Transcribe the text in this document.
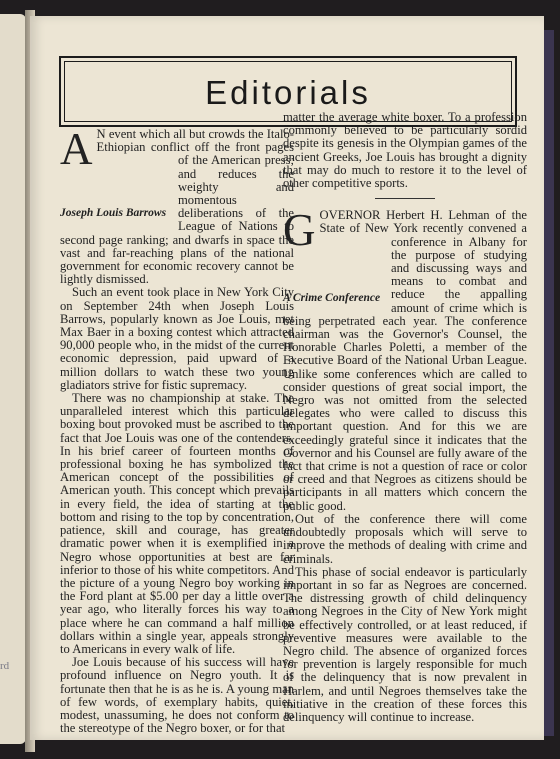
rd
Editorials

A
Joseph Louis Barrows
N event which all but crowds the Italo-Ethiopian conflict off the front pages of the American press; and reduces the weighty and momentous deliberations of the League of Nations to second page ranking; and dwarfs in space the vast and far-reaching plans of the national government for economic recovery cannot be lightly dismissed.

Such an event took place in New York City on September 24th when Joseph Louis Barrows, popularly known as Joe Louis, met Max Baer in a boxing contest which attracted 90,000 people who, in the midst of the current economic depression, paid upward of a million dollars to watch these two young gladiators strive for fistic supremacy.

There was no championship at stake. The unparalleled interest which this particular boxing bout provoked must be ascribed to the fact that Joe Louis was one of the contenders. In his brief career of fourteen months of professional boxing he has symbolized the American concept of the possibilities of American youth. This concept which prevails in every field, the idea of starting at the bottom and rising to the top by concentration, patience, skill and courage, has greater dramatic power when it is exemplified in a Negro whose opportunities at best are far inferior to those of his white competitors. And the picture of a young Negro boy working in the Ford plant at $5.00 per day a little over a year ago, who literally forces his way to a place where he can command a half million dollars within a single year, appeals strongly to Americans in every walk of life.

Joe Louis because of his success will have profound influence on Negro youth. It is fortunate then that he is as he is. A young man of few words, of exemplary habits, quiet, modest, unassuming, he does not conform to the stereotype of the Negro boxer, or for that

matter the average white boxer. To a profession commonly believed to be particularly sordid despite its genesis in the Olympian games of the ancient Greeks, Joe Louis has brought a dignity that may do much to restore it to the level of other competitive sports.

G
A Crime Conference
OVERNOR Herbert H. Lehman of the State of New York recently convened a conference in Albany for the purpose of studying and discussing ways and means to combat and reduce the appalling amount of crime which is being perpetrated each year. The conference chairman was the Governor's Counsel, the Honorable Charles Poletti, a member of the Executive Board of the National Urban League. Unlike some conferences which are called to consider questions of great social import, the Negro was not omitted from the selected delegates who were called to discuss this important question. And for this we are exceedingly grateful since it indicates that the Governor and his Counsel are fully aware of the fact that crime is not a question of race or color or creed and that Negroes as citizens should be participants in all matters which concern the public good.

Out of the conference there will come undoubtedly proposals which will serve to improve the methods of dealing with crime and criminals.

This phase of social endeavor is particularly important in so far as Negroes are concerned. The distressing growth of child delinquency among Negroes in the City of New York might be effectively controlled, or at least reduced, if preventive measures were available to the Negro child. The absence of organized forces for prevention is largely responsible for much of the delinquency that is now prevalent in Harlem, and until Negroes themselves take the initiative in the creation of these forces this delinquency will continue to increase.
